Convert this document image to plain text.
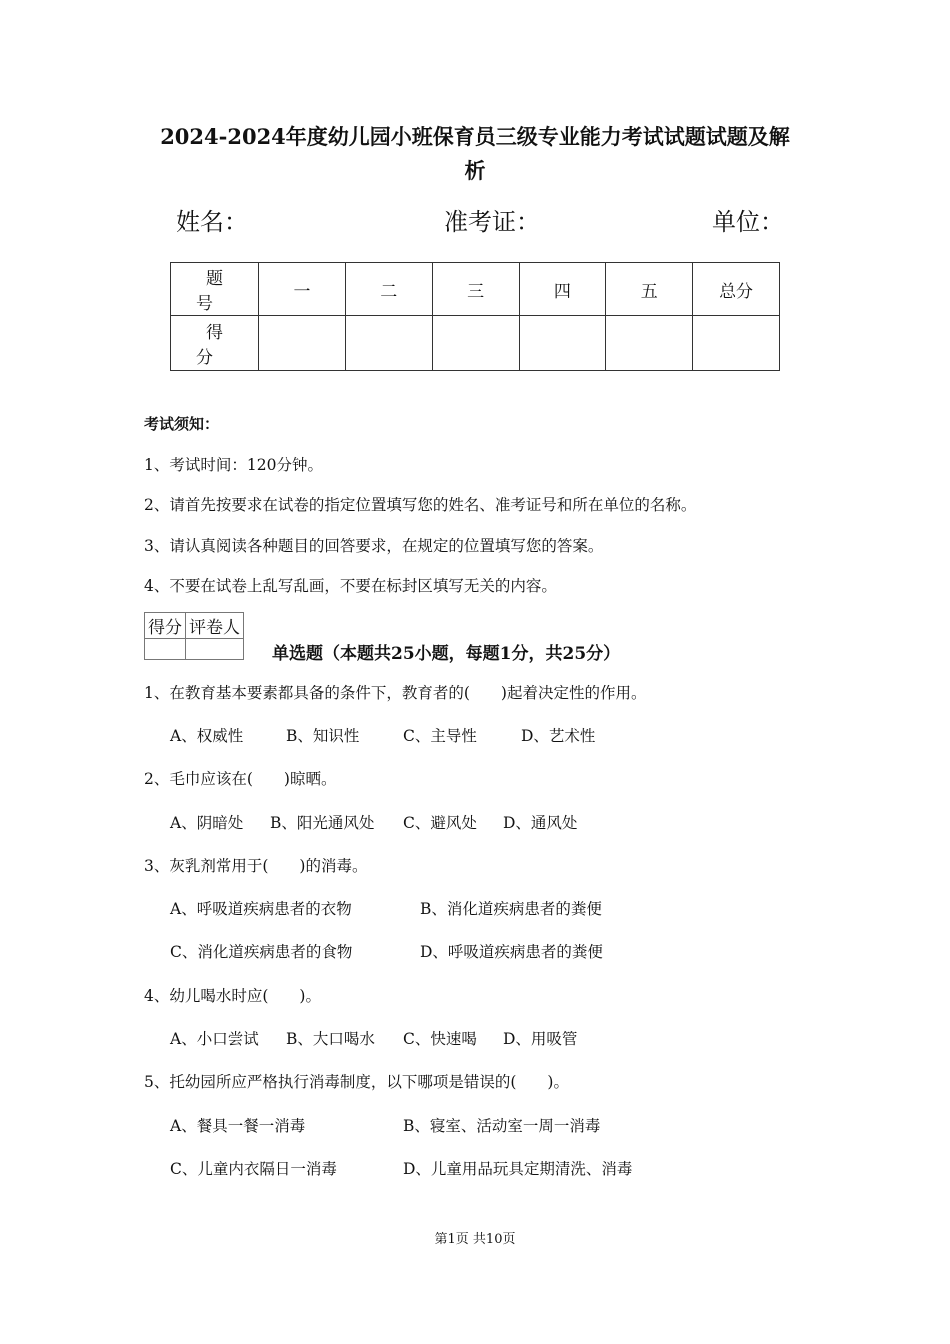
2024-2024年度幼儿园小班保育员三级专业能力考试试题试题及解
析
姓名：	准考证：	单位：
题 号	一	二	三	四	五	总分
得 分						
考试须知：
1、考试时间：120分钟。
2、请首先按要求在试卷的指定位置填写您的姓名、准考证号和所在单位的名称。
3、请认真阅读各种题目的回答要求，在规定的位置填写您的答案。
4、不要在试卷上乱写乱画，不要在标封区填写无关的内容。
得分	评卷人

单选题（本题共25小题，每题1分，共25分）
1、在教育基本要素都具备的条件下，教育者的(　　)起着决定性的作用。
A、权威性	B、知识性	C、主导性	D、艺术性
2、毛巾应该在(　　)晾晒。
A、阴暗处 B、阳光通风处 C、避风处 D、通风处
3、灰乳剂常用于(　　)的消毒。
A、呼吸道疾病患者的衣物	B、消化道疾病患者的粪便
C、消化道疾病患者的食物	D、呼吸道疾病患者的粪便
4、幼儿喝水时应(　　)。
A、小口尝试 B、大口喝水 C、快速喝 D、用吸管
5、托幼园所应严格执行消毒制度，以下哪项是错误的(　　)。
A、餐具一餐一消毒	B、寝室、活动室一周一消毒
C、儿童内衣隔日一消毒	D、儿童用品玩具定期清洗、消毒
第1页 共10页
